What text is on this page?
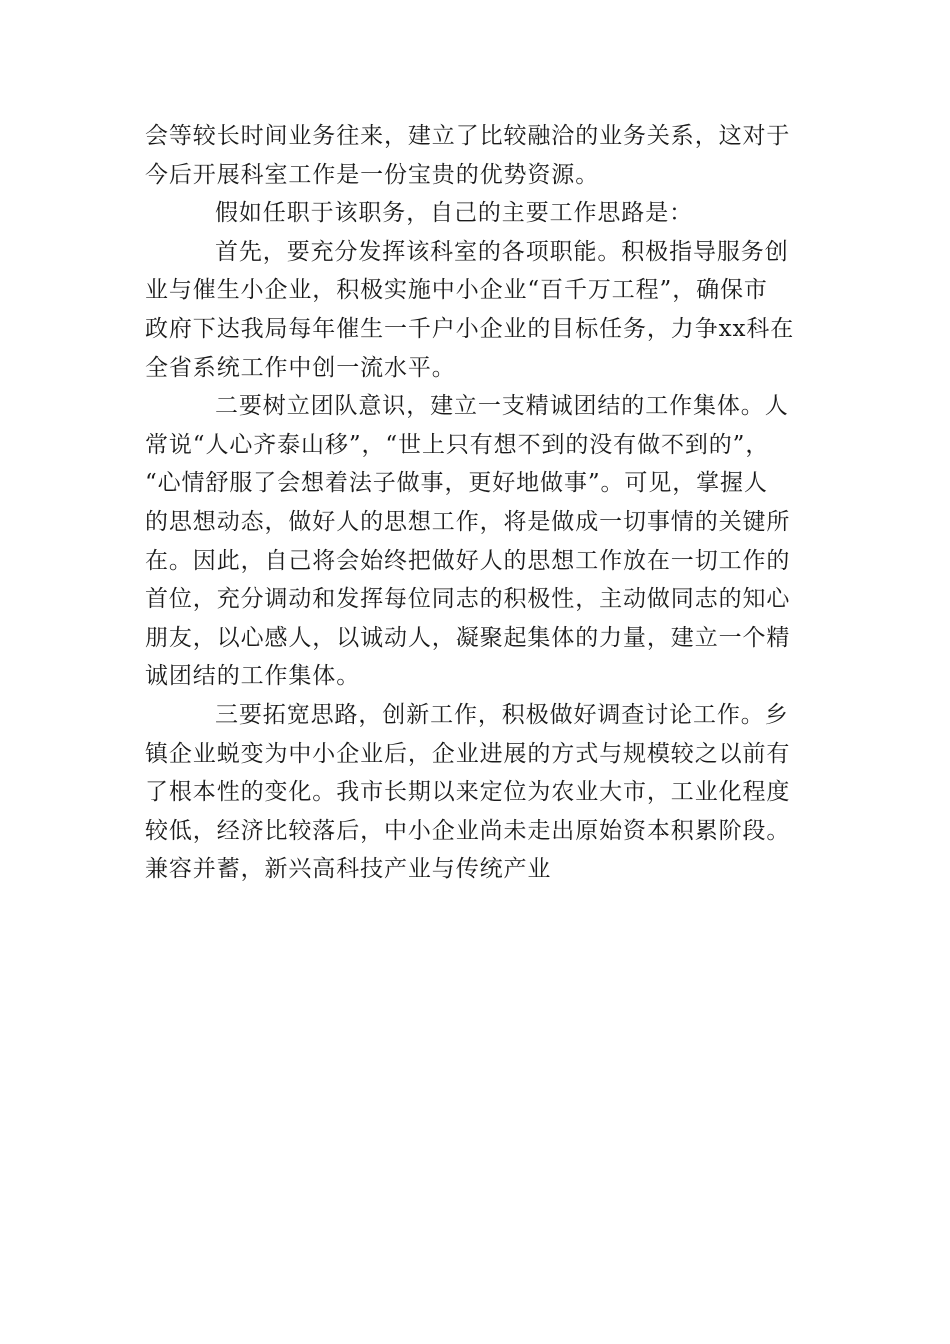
会等较长时间业务往来，建立了比较融洽的业务关系，这对于
今后开展科室工作是一份宝贵的优势资源。
假如任职于该职务，自己的主要工作思路是：
首先，要充分发挥该科室的各项职能。积极指导服务创
业与催生小企业，积极实施中小企业“百千万工程”，确保市
政府下达我局每年催生一千户小企业的目标任务，力争xx科在
全省系统工作中创一流水平。
二要树立团队意识，建立一支精诚团结的工作集体。人
常说“人心齐泰山移”，“世上只有想不到的没有做不到的”，
“心情舒服了会想着法子做事，更好地做事”。可见，掌握人
的思想动态，做好人的思想工作，将是做成一切事情的关键所
在。因此，自己将会始终把做好人的思想工作放在一切工作的
首位，充分调动和发挥每位同志的积极性，主动做同志的知心
朋友，以心感人，以诚动人，凝聚起集体的力量，建立一个精
诚团结的工作集体。
三要拓宽思路，创新工作，积极做好调查讨论工作。乡
镇企业蜕变为中小企业后，企业进展的方式与规模较之以前有
了根本性的变化。我市长期以来定位为农业大市，工业化程度
较低，经济比较落后，中小企业尚未走出原始资本积累阶段。
兼容并蓄，新兴高科技产业与传统产业
